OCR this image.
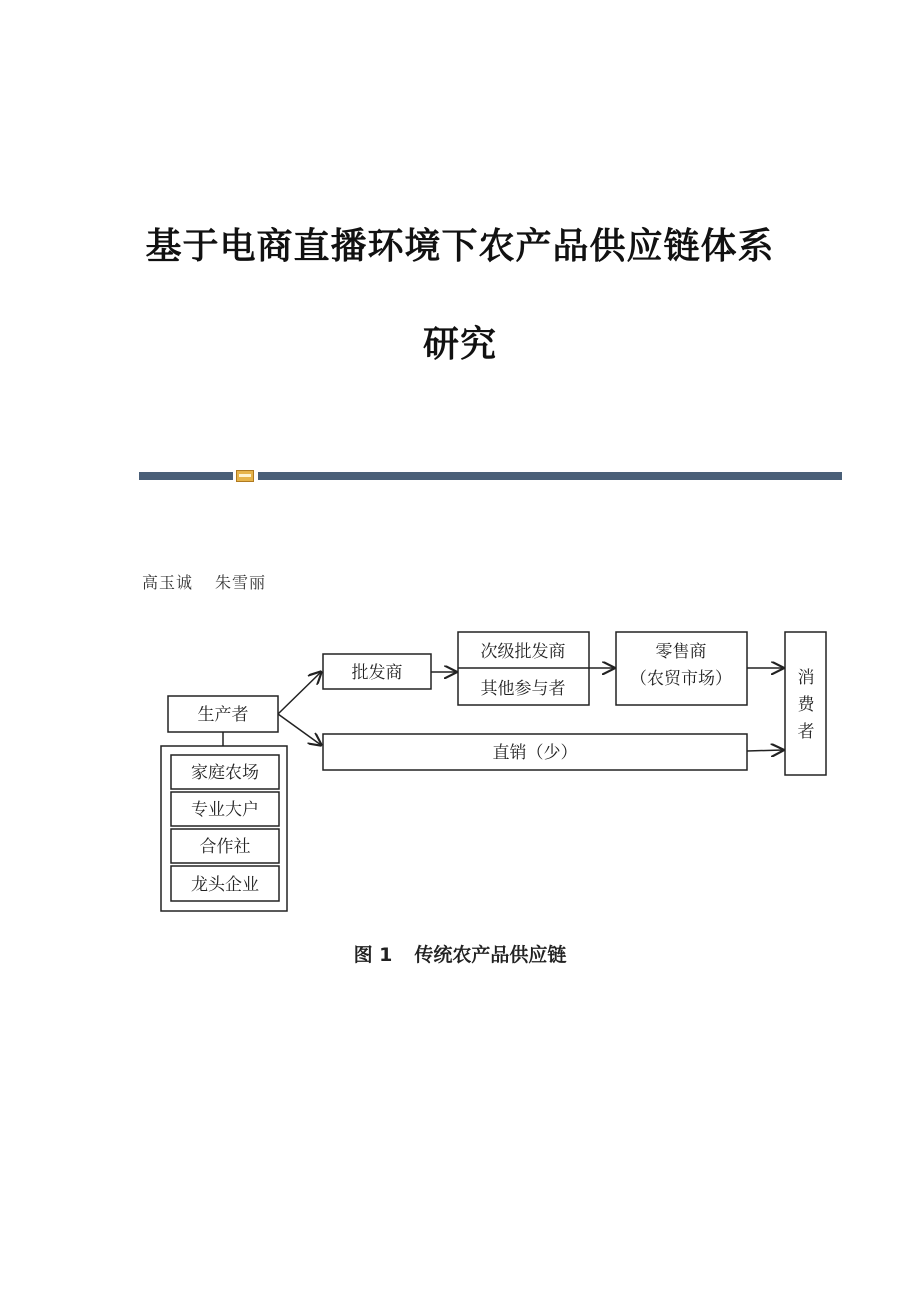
基于电商直播环境下农产品供应链体系
研究
高玉诚 朱雪丽
生产者
家庭农场
专业大户
合作社
龙头企业
批发商
次级批发商
其他参与者
零售商
（农贸市场）
直销（少）
消
费
者
图 1 传统农产品供应链
